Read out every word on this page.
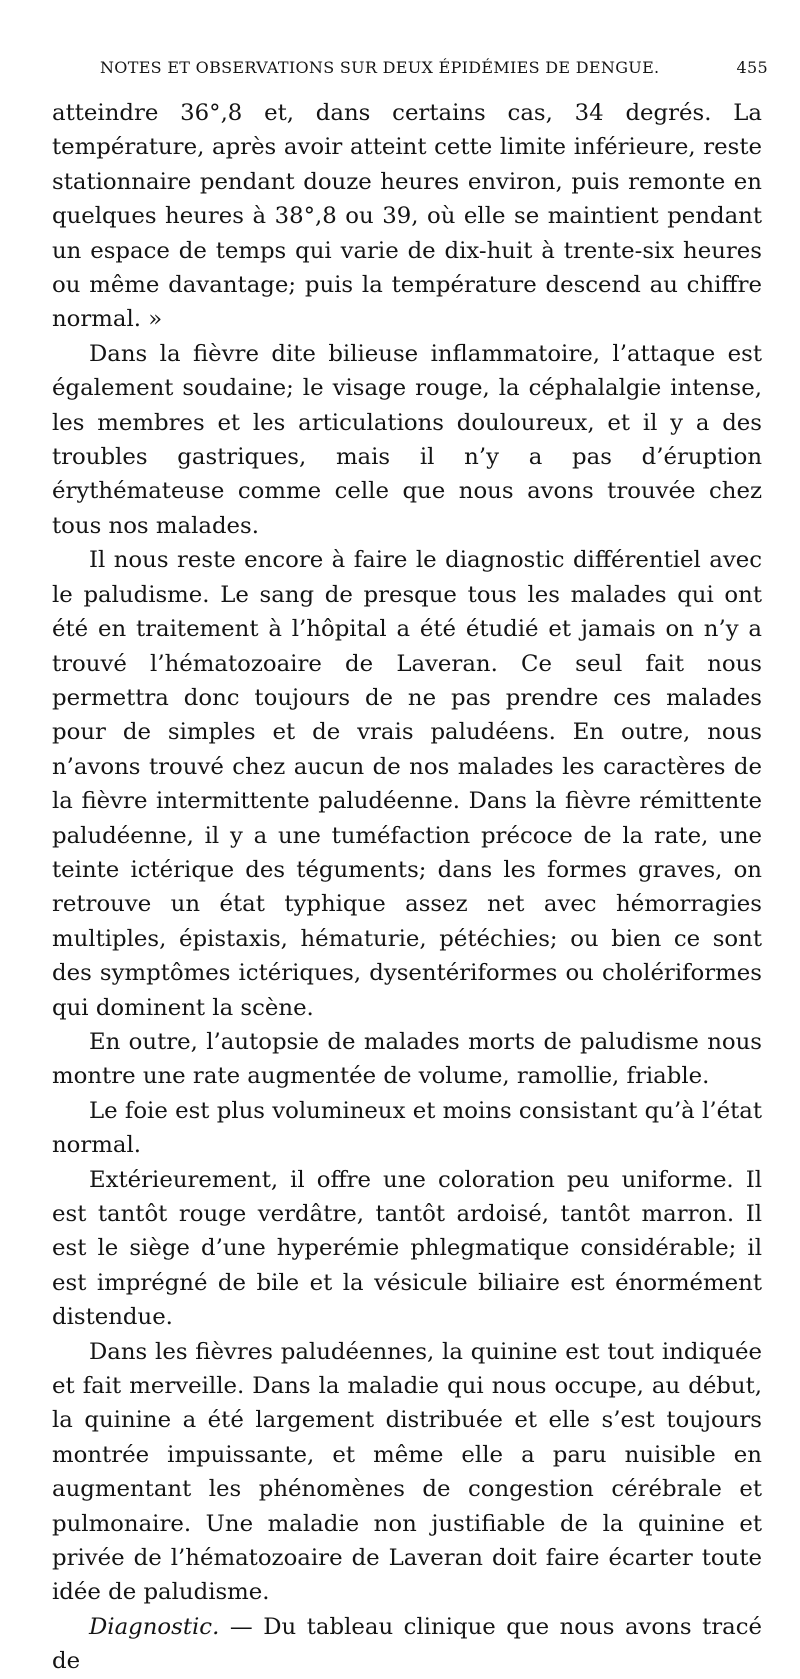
NOTES ET OBSERVATIONS SUR DEUX ÉPIDÉMIES DE DENGUE.	455

atteindre 36°,8 et, dans certains cas, 34 degrés. La température, après avoir atteint cette limite inférieure, reste stationnaire pendant douze heures environ, puis remonte en quelques heures à 38°,8 ou 39, où elle se maintient pendant un espace de temps qui varie de dix-huit à trente-six heures ou même davantage; puis la température descend au chiffre normal. »

Dans la fièvre dite bilieuse inflammatoire, l’attaque est également soudaine; le visage rouge, la céphalalgie intense, les membres et les articulations douloureux, et il y a des troubles gastriques, mais il n’y a pas d’éruption érythémateuse comme celle que nous avons trouvée chez tous nos malades.

Il nous reste encore à faire le diagnostic différentiel avec le paludisme. Le sang de presque tous les malades qui ont été en traitement à l’hôpital a été étudié et jamais on n’y a trouvé l’hématozoaire de Laveran. Ce seul fait nous permettra donc toujours de ne pas prendre ces malades pour de simples et de vrais paludéens. En outre, nous n’avons trouvé chez aucun de nos malades les caractères de la fièvre intermittente paludéenne. Dans la fièvre rémittente paludéenne, il y a une tuméfaction précoce de la rate, une teinte ictérique des téguments; dans les formes graves, on retrouve un état typhique assez net avec hémorragies multiples, épistaxis, hématurie, pétéchies; ou bien ce sont des symptômes ictériques, dysentériformes ou cholériformes qui dominent la scène.

En outre, l’autopsie de malades morts de paludisme nous montre une rate augmentée de volume, ramollie, friable.

Le foie est plus volumineux et moins consistant qu’à l’état normal.

Extérieurement, il offre une coloration peu uniforme. Il est tantôt rouge verdâtre, tantôt ardoisé, tantôt marron. Il est le siège d’une hyperémie phlegmatique considérable; il est imprégné de bile et la vésicule biliaire est énormément distendue.

Dans les fièvres paludéennes, la quinine est tout indiquée et fait merveille. Dans la maladie qui nous occupe, au début, la quinine a été largement distribuée et elle s’est toujours montrée impuissante, et même elle a paru nuisible en augmentant les phénomènes de congestion cérébrale et pulmonaire. Une maladie non justifiable de la quinine et privée de l’hématozoaire de Laveran doit faire écarter toute idée de paludisme.

Diagnostic. — Du tableau clinique que nous avons tracé de
